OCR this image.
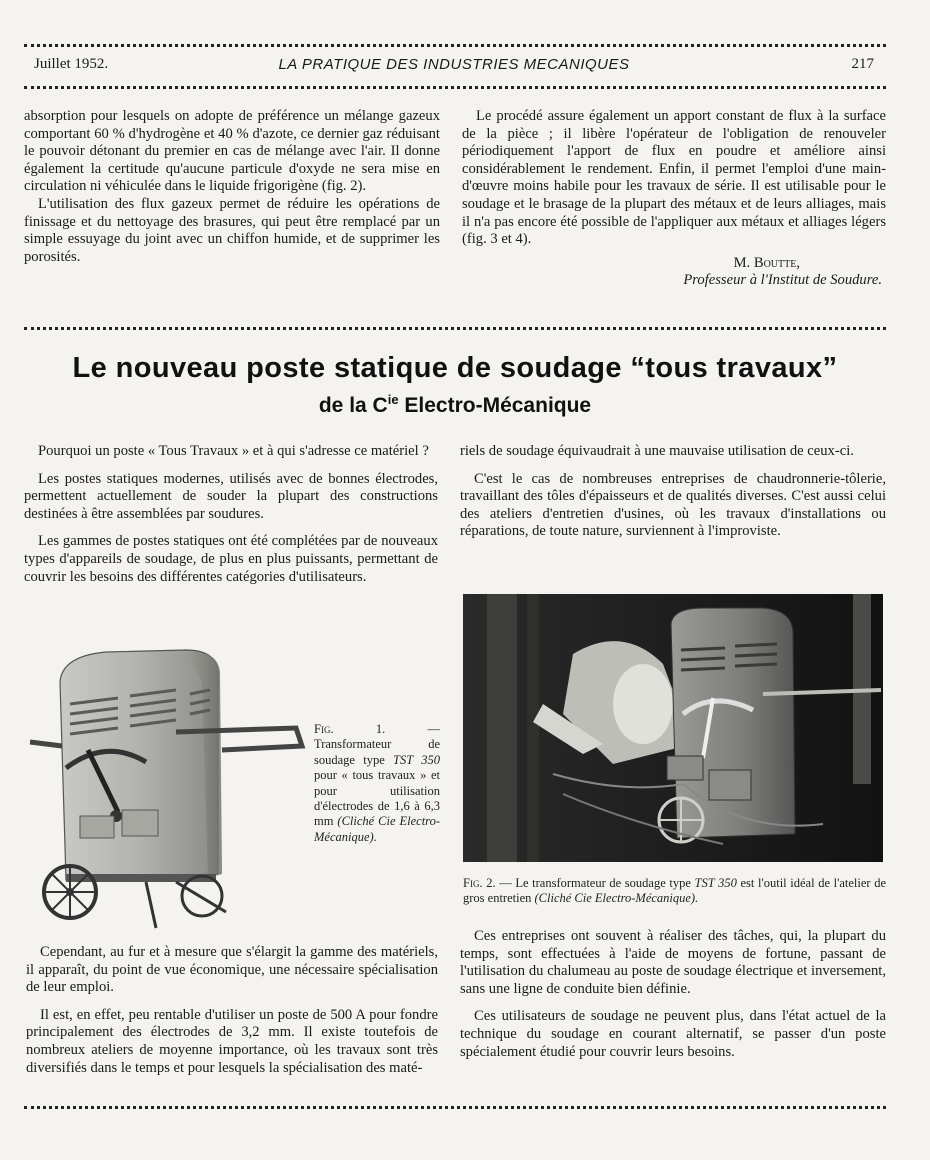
Juillet 1952.	LA PRATIQUE DES INDUSTRIES MECANIQUES	217

absorption pour lesquels on adopte de préférence un mélange gazeux comportant 60 % d'hydrogène et 40 % d'azote, ce dernier gaz réduisant le pouvoir détonant du premier en cas de mélange avec l'air. Il donne également la certitude qu'aucune particule d'oxyde ne sera mise en circulation ni véhiculée dans le liquide frigorigène (fig. 2).

L'utilisation des flux gazeux permet de réduire les opérations de finissage et du nettoyage des brasures, qui peut être remplacé par un simple essuyage du joint avec un chiffon humide, et de supprimer les porosités.

Le procédé assure également un apport constant de flux à la surface de la pièce ; il libère l'opérateur de l'obligation de renouveler périodiquement l'apport de flux en poudre et améliore ainsi considérablement le rendement. Enfin, il permet l'emploi d'une main-d'œuvre moins habile pour les travaux de série. Il est utilisable pour le soudage et le brasage de la plupart des métaux et de leurs alliages, mais il n'a pas encore été possible de l'appliquer aux métaux et alliages légers (fig. 3 et 4).

M. Boutte,
Professeur à l'Institut de Soudure.
Le nouveau poste statique de soudage “tous travaux”
de la $C^{ie}$ Electro-Mécanique

Pourquoi un poste « Tous Travaux » et à qui s'adresse ce matériel ?

Les postes statiques modernes, utilisés avec de bonnes électrodes, permettent actuellement de souder la plupart des constructions destinées à être assemblées par soudures.

Les gammes de postes statiques ont été complétées par de nouveaux types d'appareils de soudage, de plus en plus puissants, permettant de couvrir les besoins des différentes catégories d'utilisateurs.

Fig. 1. — Transformateur de soudage type TST 350 pour « tous travaux » et pour utilisation d'électrodes de 1,6 à 6,3 mm (Cliché Cie Electro-Mécanique).

Cependant, au fur et à mesure que s'élargit la gamme des matériels, il apparaît, du point de vue économique, une nécessaire spécialisation de leur emploi.

Il est, en effet, peu rentable d'utiliser un poste de 500 A pour fondre principalement des électrodes de 3,2 mm. Il existe toutefois de nombreux ateliers de moyenne importance, où les travaux sont très diversifiés dans le temps et pour lesquels la spécialisation des maté-

riels de soudage équivaudrait à une mauvaise utilisation de ceux-ci.

C'est le cas de nombreuses entreprises de chaudronnerie-tôlerie, travaillant des tôles d'épaisseurs et de qualités diverses. C'est aussi celui des ateliers d'entretien d'usines, où les travaux d'installations ou réparations, de toute nature, surviennent à l'improviste.

Fig. 2. — Le transformateur de soudage type TST 350 est l'outil idéal de l'atelier de gros entretien (Cliché Cie Electro-Mécanique).

Ces entreprises ont souvent à réaliser des tâches, qui, la plupart du temps, sont effectuées à l'aide de moyens de fortune, passant de l'utilisation du chalumeau au poste de soudage électrique et inversement, sans une ligne de conduite bien définie.

Ces utilisateurs de soudage ne peuvent plus, dans l'état actuel de la technique du soudage en courant alternatif, se passer d'un poste spécialement étudié pour couvrir leurs besoins.
